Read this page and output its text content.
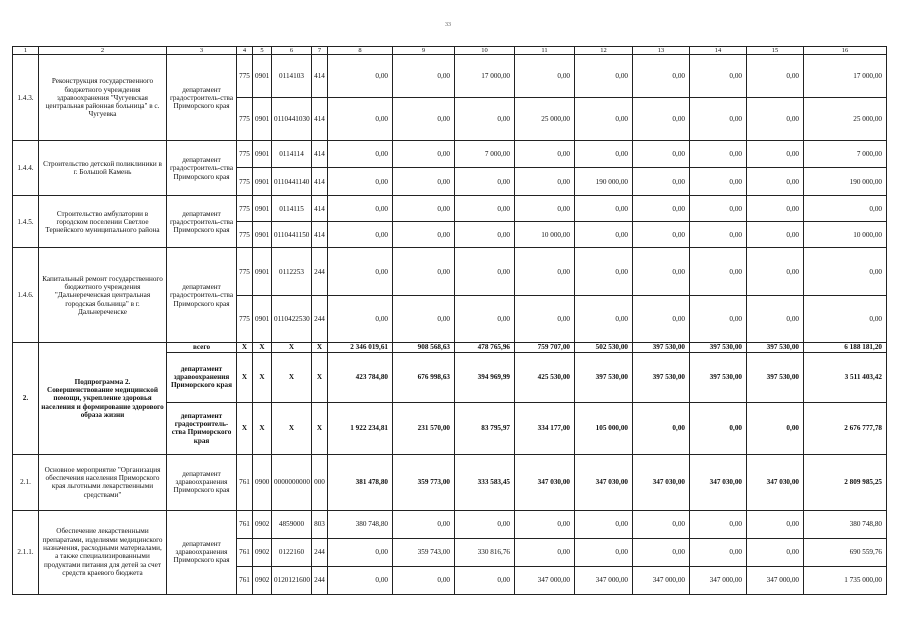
33
1	2	3	4	5	6	7	8	9	10	11	12	13	14	15	16
1.4.3.	Реконструкция государственного бюджетного учреждения здравоохранения "Чугуевская центральная районная больница" в с. Чугуевка	департамент градостроитель-ства Приморского края	775	0901	0114103	414	0,00	0,00	17 000,00	0,00	0,00	0,00	0,00	0,00	17 000,00
			775	0901	0110441030	414	0,00	0,00	0,00	25 000,00	0,00	0,00	0,00	0,00	25 000,00
1.4.4.	Строительство детской поликлиники в г. Большой Камень	департамент градостроитель-ства Приморского края	775	0901	0114114	414	0,00	0,00	7 000,00	0,00	0,00	0,00	0,00	0,00	7 000,00
			775	0901	0110441140	414	0,00	0,00	0,00	0,00	190 000,00	0,00	0,00	0,00	190 000,00
1.4.5.	Строительство амбулатории в городском поселении Светлое Тернейского муниципального района	департамент градостроитель-ства Приморского края	775	0901	0114115	414	0,00	0,00	0,00	0,00	0,00	0,00	0,00	0,00	0,00
			775	0901	0110441150	414	0,00	0,00	0,00	10 000,00	0,00	0,00	0,00	0,00	10 000,00
1.4.6.	Капитальный ремонт государственного бюджетного учреждения "Дальнереченская центральная городская больница" в г. Дальнереченске	департамент градостроитель-ства Приморского края	775	0901	0112253	244	0,00	0,00	0,00	0,00	0,00	0,00	0,00	0,00	0,00
			775	0901	0110422530	244	0,00	0,00	0,00	0,00	0,00	0,00	0,00	0,00	0,00
2.	Подпрограмма 2. Совершенствование медицинской помощи, укрепление здоровья населения и формирование здорового образа жизни	всего	X	X	X	X	2 346 019,61	908 568,63	478 765,96	759 707,00	502 530,00	397 530,00	397 530,00	397 530,00	6 188 181,20
		департамент здравоохранения Приморского края	X	X	X	X	423 784,80	676 998,63	394 969,99	425 530,00	397 530,00	397 530,00	397 530,00	397 530,00	3 511 403,42
		департамент градостроитель-ства Приморского края	X	X	X	X	1 922 234,81	231 570,00	83 795,97	334 177,00	105 000,00	0,00	0,00	0,00	2 676 777,78
2.1.	Основное мероприятие "Организация обеспечения населения Приморского края льготными лекарственными средствами"	департамент здравоохранения Приморского края	761	0900	0000000000	000	381 478,80	359 773,00	333 583,45	347 030,00	347 030,00	347 030,00	347 030,00	347 030,00	2 809 985,25
2.1.1.	Обеспечение лекарственными препаратами, изделиями медицинского назначения, расходными материалами, а также специализированными продуктами питания для детей за счет средств краевого бюджета	департамент здравоохранения Приморского края	761	0902	4859000	803	380 748,80	0,00	0,00	0,00	0,00	0,00	0,00	0,00	380 748,80
			761	0902	0122160	244	0,00	359 743,00	330 816,76	0,00	0,00	0,00	0,00	0,00	690 559,76
			761	0902	0120121600	244	0,00	0,00	0,00	347 000,00	347 000,00	347 000,00	347 000,00	347 000,00	1 735 000,00
